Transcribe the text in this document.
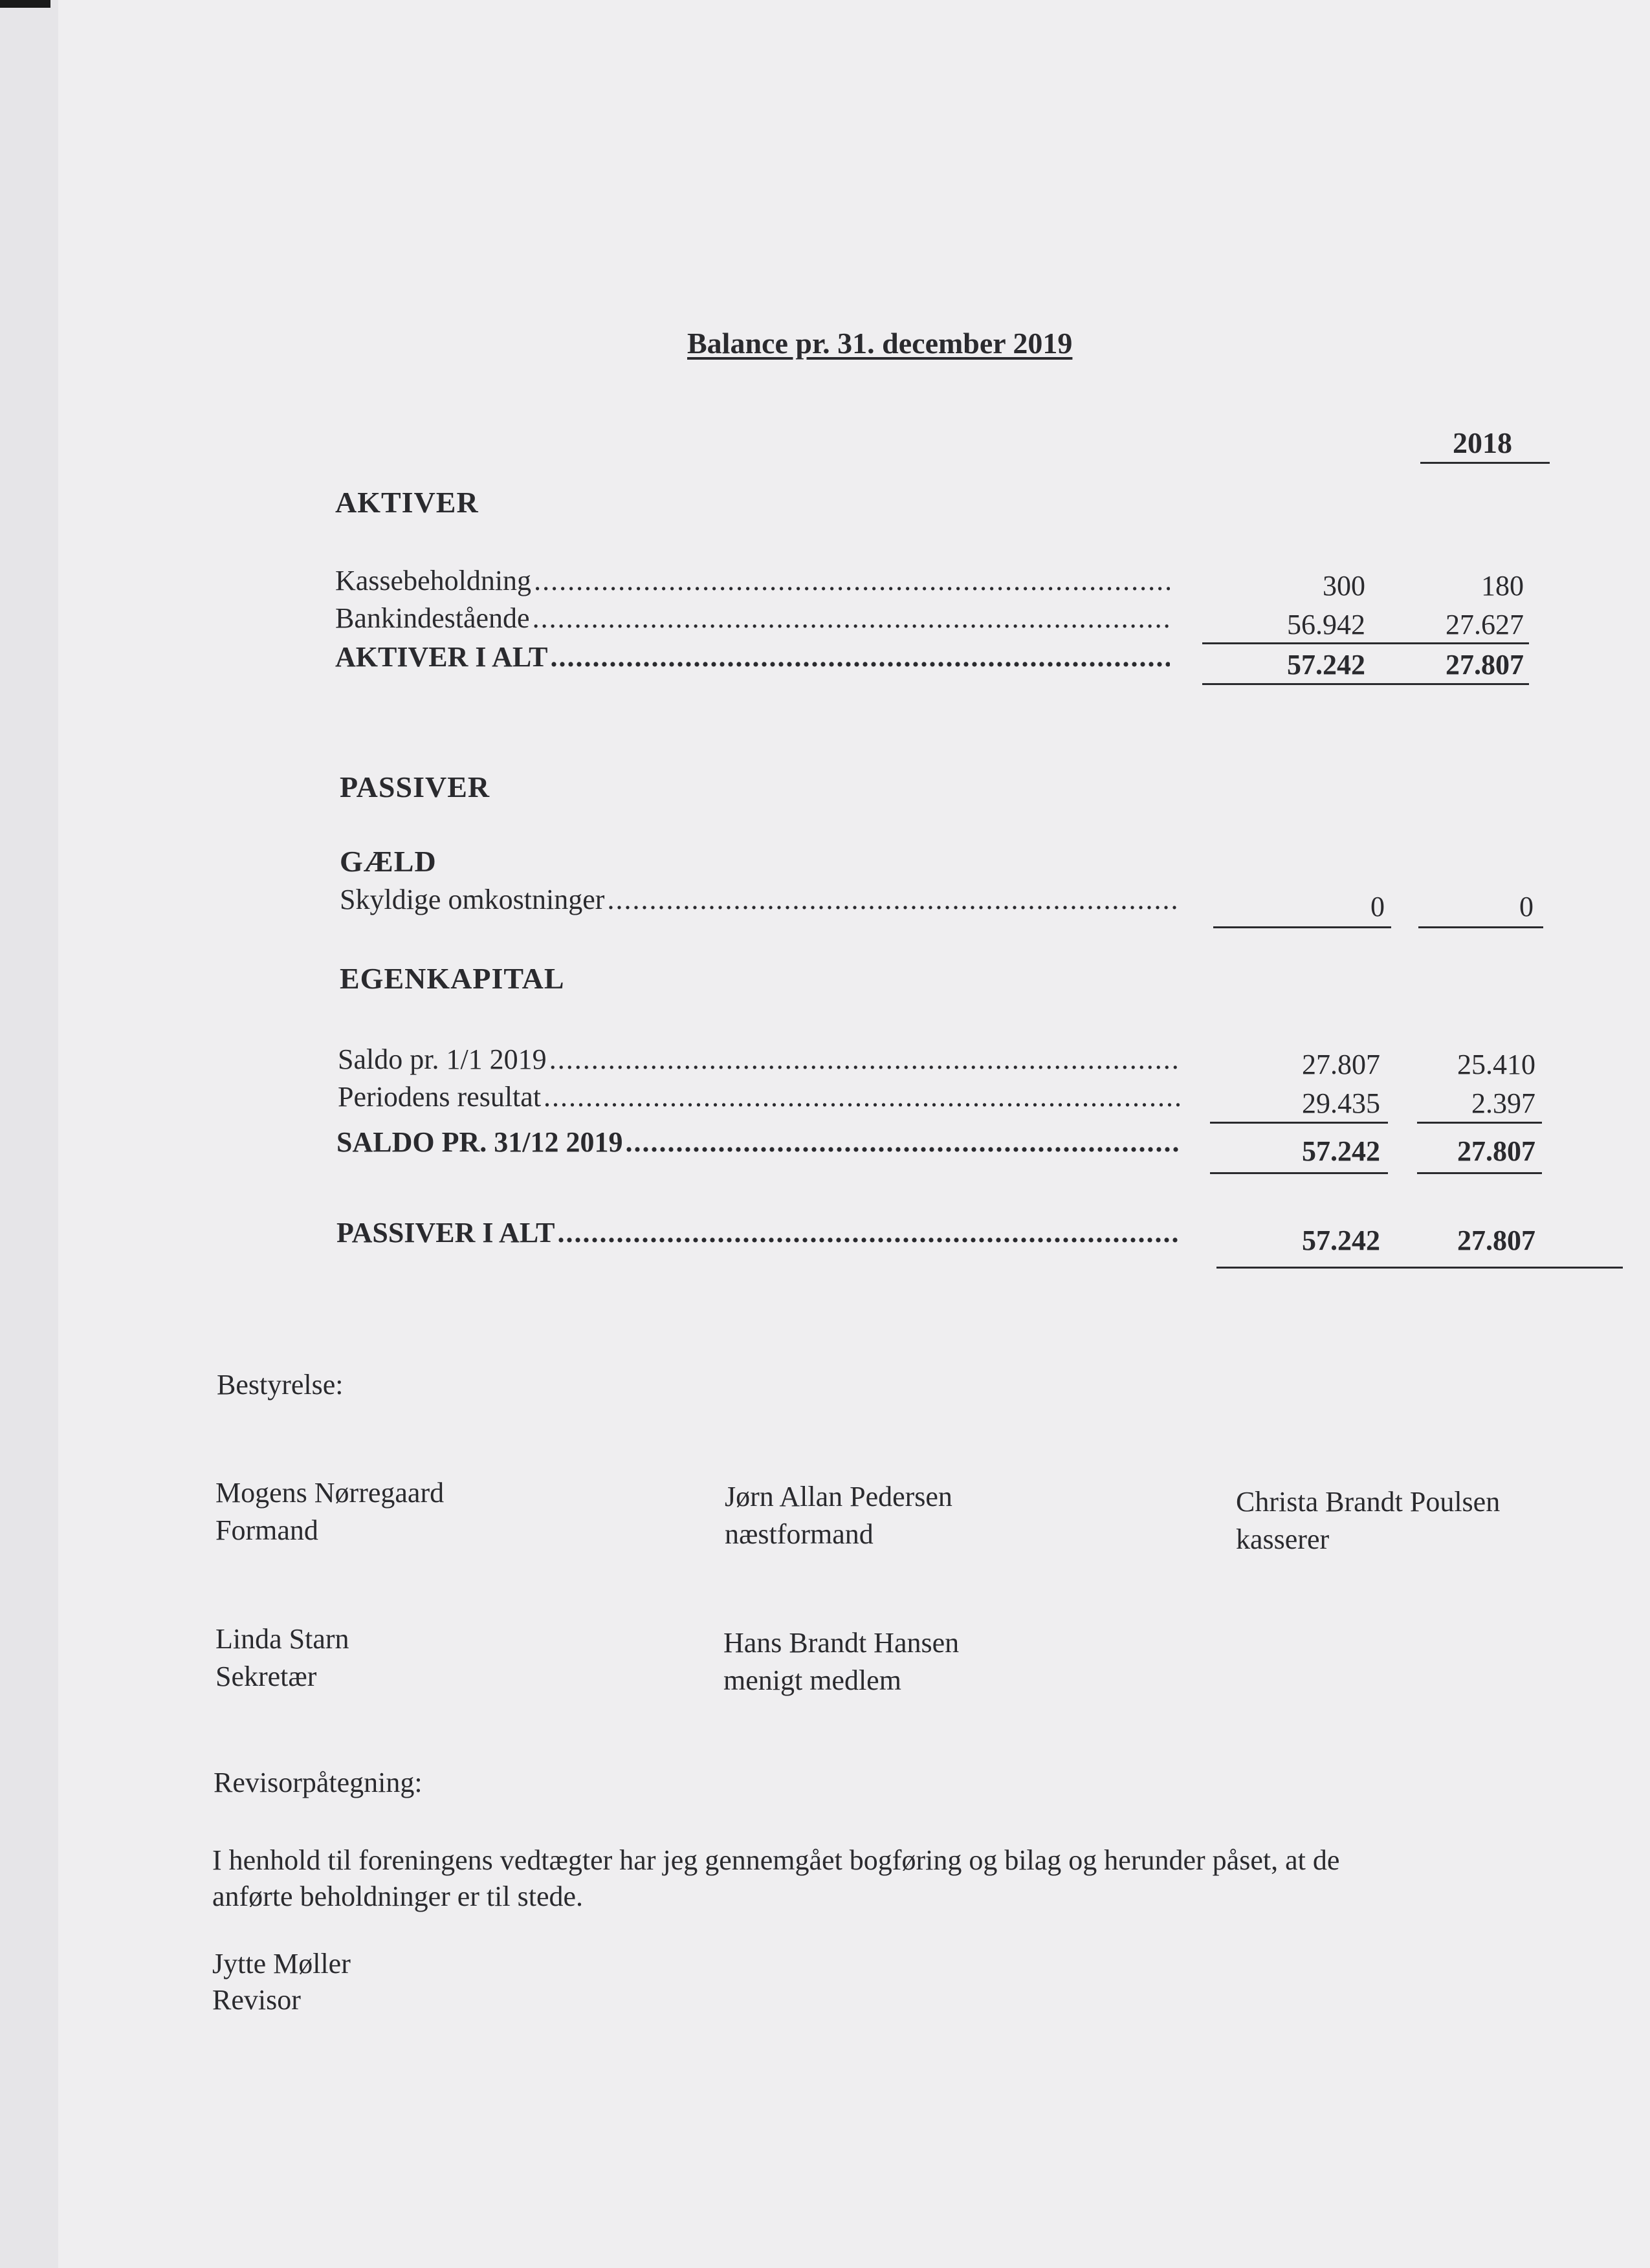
Balance pr. 31. december 2019
2018
AKTIVER
Kassebeholdning .....	300	180
Bankindestående .....	56.942	27.627
AKTIVER I ALT .....	57.242	27.807
PASSIVER
GÆLD
Skyldige omkostninger .....	0	0
EGENKAPITAL
Saldo pr. 1/1 2019 .....	27.807	25.410
Periodens resultat .....	29.435	2.397
SALDO PR. 31/12 2019 .....	57.242	27.807
PASSIVER I ALT .....	57.242	27.807
Bestyrelse:
Mogens Nørregaard
Formand
Jørn Allan Pedersen
næstformand
Christa Brandt Poulsen
kasserer
Linda Starn
Sekretær
Hans Brandt Hansen
menigt medlem
Revisorpåtegning:
I henhold til foreningens vedtægter har jeg gennemgået bogføring og bilag og herunder påset, at de
anførte beholdninger er til stede.
Jytte Møller
Revisor
